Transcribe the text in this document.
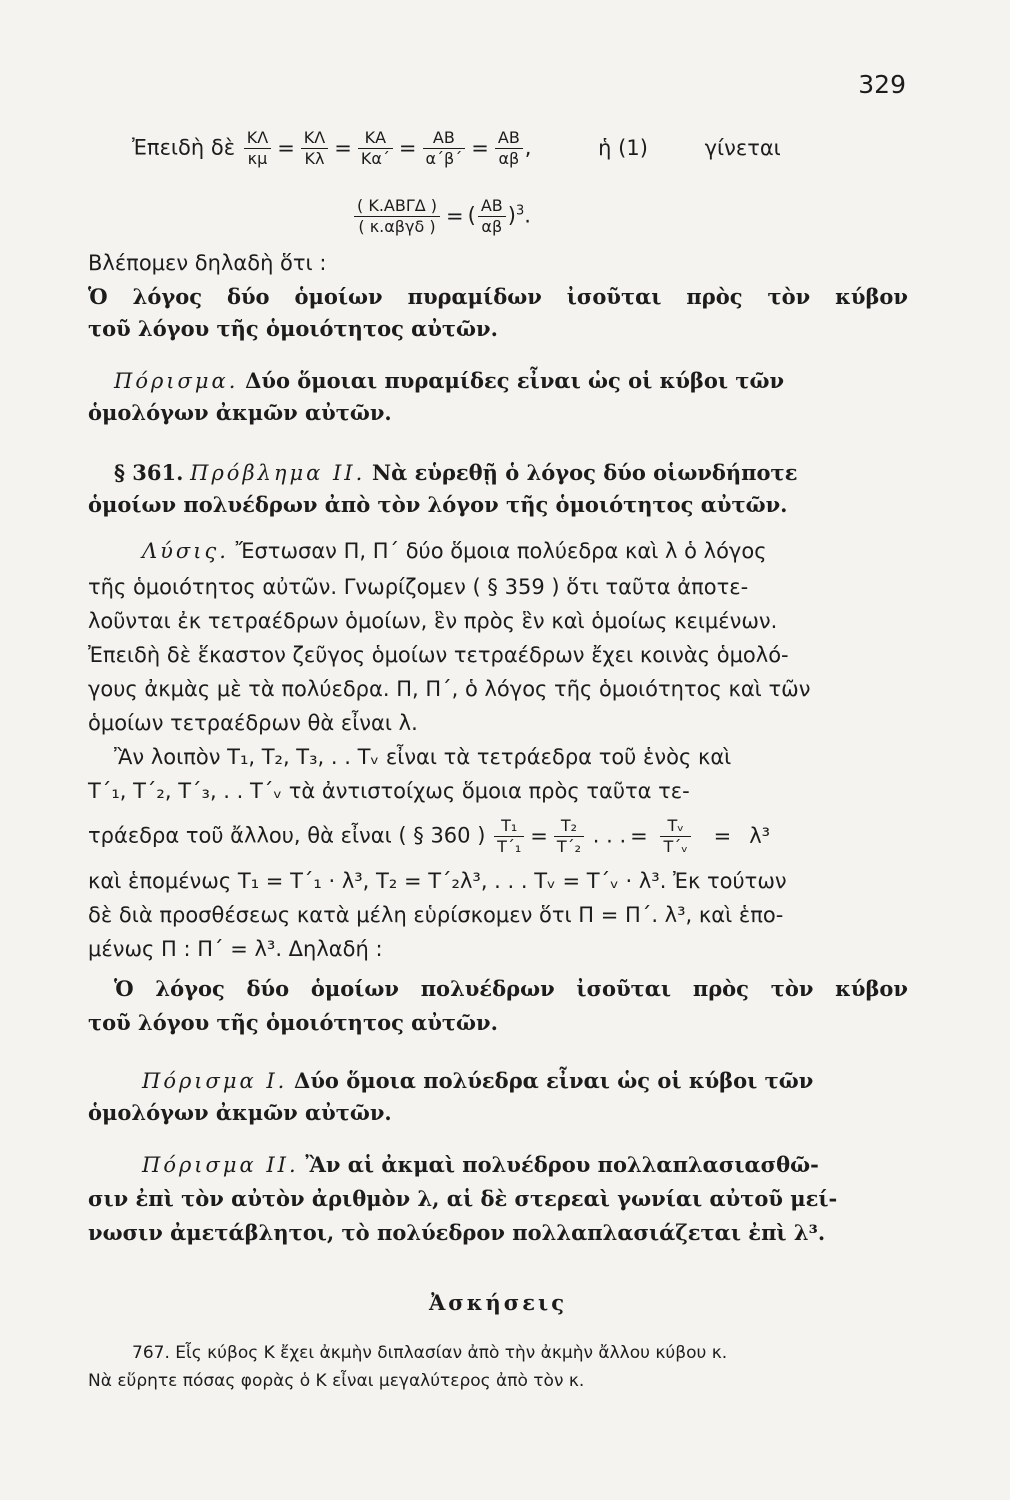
329
Ἐπειδὴ δὲ $\frac{K\Lambda}{\kappa\mu} = \frac{K\Lambda}{K\lambda} = \frac{KA}{K\alpha΄} = \frac{AB}{\alpha΄\beta΄} = \frac{AB}{\alpha\beta}$ ,	ἡ (1)	γίνεται
$\frac{\text{( Κ.ΑΒΓΔ )}}{\text{( κ.αβγδ )}}$ = ( $\frac{AB}{\alpha\beta} )^3$.
Βλέπομεν δηλαδὴ ὅτι :
Ὁ λόγος δύο ὁμοίων πυραμίδων ἰσοῦται πρὸς τὸν κύβον
τοῦ λόγου τῆς ὁμοιότητος αὐτῶν.
Πόρισμα. Δύο ὅμοιαι πυραμίδες εἶναι ὡς οἱ κύβοι τῶν
ὁμολόγων ἀκμῶν αὐτῶν.
§ 361. Πρόβλημα ΙΙ. Νὰ εὑρεθῇ ὁ λόγος δύο οἱωνδήποτε
ὁμοίων πολυέδρων ἀπὸ τὸν λόγον τῆς ὁμοιότητος αὐτῶν.
Λύσις. Ἔστωσαν Π, Π΄ δύο ὅμοια πολύεδρα καὶ λ ὁ λόγος
τῆς ὁμοιότητος αὐτῶν. Γνωρίζομεν ( § 359 ) ὅτι ταῦτα ἀποτε-
λοῦνται ἐκ τετραέδρων ὁμοίων, ἓν πρὸς ἓν καὶ ὁμοίως κειμένων.
Ἐπειδὴ δὲ ἕκαστον ζεῦγος ὁμοίων τετραέδρων ἔχει κοινὰς ὁμολό-
γους ἀκμὰς μὲ τὰ πολύεδρα. Π, Π΄, ὁ λόγος τῆς ὁμοιότητος καὶ τῶν
ὁμοίων τετραέδρων θὰ εἶναι λ.
Ἂν λοιπὸν Τ₁, Τ₂, Τ₃, . . Τᵥ εἶναι τὰ τετράεδρα τοῦ ἑνὸς καὶ
Τ΄₁, Τ΄₂, Τ΄₃, . . Τ΄ᵥ τὰ ἀντιστοίχως ὅμοια πρὸς ταῦτα τε-
τράεδρα τοῦ ἄλλου, θὰ εἶναι ( § 360 ) $\frac{\text{Τ₁}}{\text{Τ΄₁}} = \frac{\text{Τ₂}}{\text{Τ΄₂}}$ . . . = $\frac{\text{Τᵥ}}{\text{Τ΄ᵥ}} = \lambda^3$
καὶ ἑπομένως Τ₁ = Τ΄₁ · λ³, Τ₂ = Τ΄₂λ³, . . . Τᵥ = Τ΄ᵥ · λ³. Ἐκ τούτων
δὲ διὰ προσθέσεως κατὰ μέλη εὑρίσκομεν ὅτι Π = Π΄. λ³, καὶ ἑπο-
μένως Π : Π΄ = λ³. Δηλαδή :
Ὁ λόγος δύο ὁμοίων πολυέδρων ἰσοῦται πρὸς τὸν κύβον
τοῦ λόγου τῆς ὁμοιότητος αὐτῶν.
Πόρισμα Ι. Δύο ὅμοια πολύεδρα εἶναι ὡς οἱ κύβοι τῶν
ὁμολόγων ἀκμῶν αὐτῶν.
Πόρισμα ΙΙ. Ἂν αἱ ἀκμαὶ πολυέδρου πολλαπλασιασθῶ-
σιν ἐπὶ τὸν αὐτὸν ἀριθμὸν λ, αἱ δὲ στερεαὶ γωνίαι αὐτοῦ μεί-
νωσιν ἀμετάβλητοι, τὸ πολύεδρον πολλαπλασιάζεται ἐπὶ λ³.
Ἀσκήσεις
767. Εἷς κύβος Κ ἔχει ἀκμὴν διπλασίαν ἀπὸ τὴν ἀκμὴν ἄλλου κύβου κ.
Νὰ εὕρητε πόσας φορὰς ὁ Κ εἶναι μεγαλύτερος ἀπὸ τὸν κ.
